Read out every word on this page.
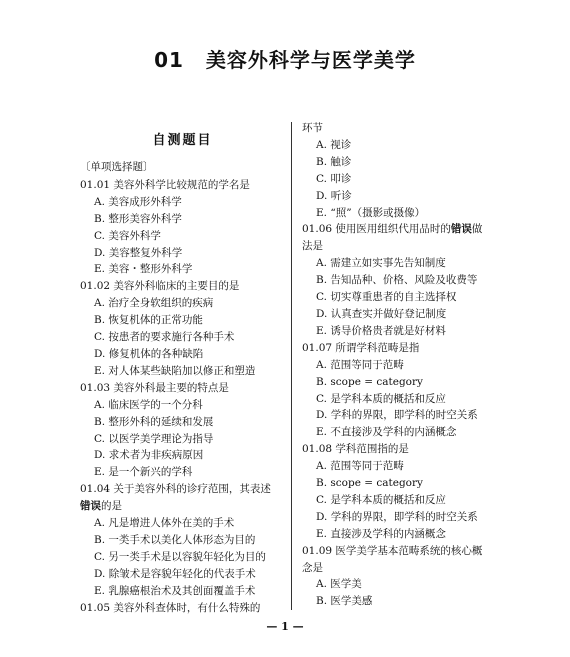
01 美容外科学与医学美学
自测题目
〔单项选择题〕
01.01 美容外科学比较规范的学名是
A. 美容成形外科学
B. 整形美容外科学
C. 美容外科学
D. 美容整复外科学
E. 美容・整形外科学
01.02 美容外科临床的主要目的是
A. 治疗全身软组织的疾病
B. 恢复机体的正常功能
C. 按患者的要求施行各种手术
D. 修复机体的各种缺陷
E. 对人体某些缺陷加以修正和塑造
01.03 美容外科最主要的特点是
A. 临床医学的一个分科
B. 整形外科的延续和发展
C. 以医学美学理论为指导
D. 求术者为非疾病原因
E. 是一个新兴的学科
01.04 关于美容外科的诊疗范围，其表述
错误的是
A. 凡是增进人体外在美的手术
B. 一类手术以美化人体形态为目的
C. 另一类手术是以容貌年轻化为目的
D. 除皱术是容貌年轻化的代表手术
E. 乳腺癌根治术及其创面覆盖手术
01.05 美容外科查体时，有什么特殊的
环节
A. 视诊
B. 触诊
C. 叩诊
D. 听诊
E. “照”（摄影或摄像）
01.06 使用医用组织代用品时的错误做
法是
A. 需建立如实事先告知制度
B. 告知品种、价格、风险及收费等
C. 切实尊重患者的自主选择权
D. 认真查实并做好登记制度
E. 诱导价格贵者就是好材料
01.07 所谓学科范畴是指
A. 范围等同于范畴
B. scope = category
C. 是学科本质的概括和反应
D. 学科的界限，即学科的时空关系
E. 不直接涉及学科的内涵概念
01.08 学科范围指的是
A. 范围等同于范畴
B. scope = category
C. 是学科本质的概括和反应
D. 学科的界限，即学科的时空关系
E. 直接涉及学科的内涵概念
01.09 医学美学基本范畴系统的核心概
念是
A. 医学美
B. 医学美感
— 1 —
